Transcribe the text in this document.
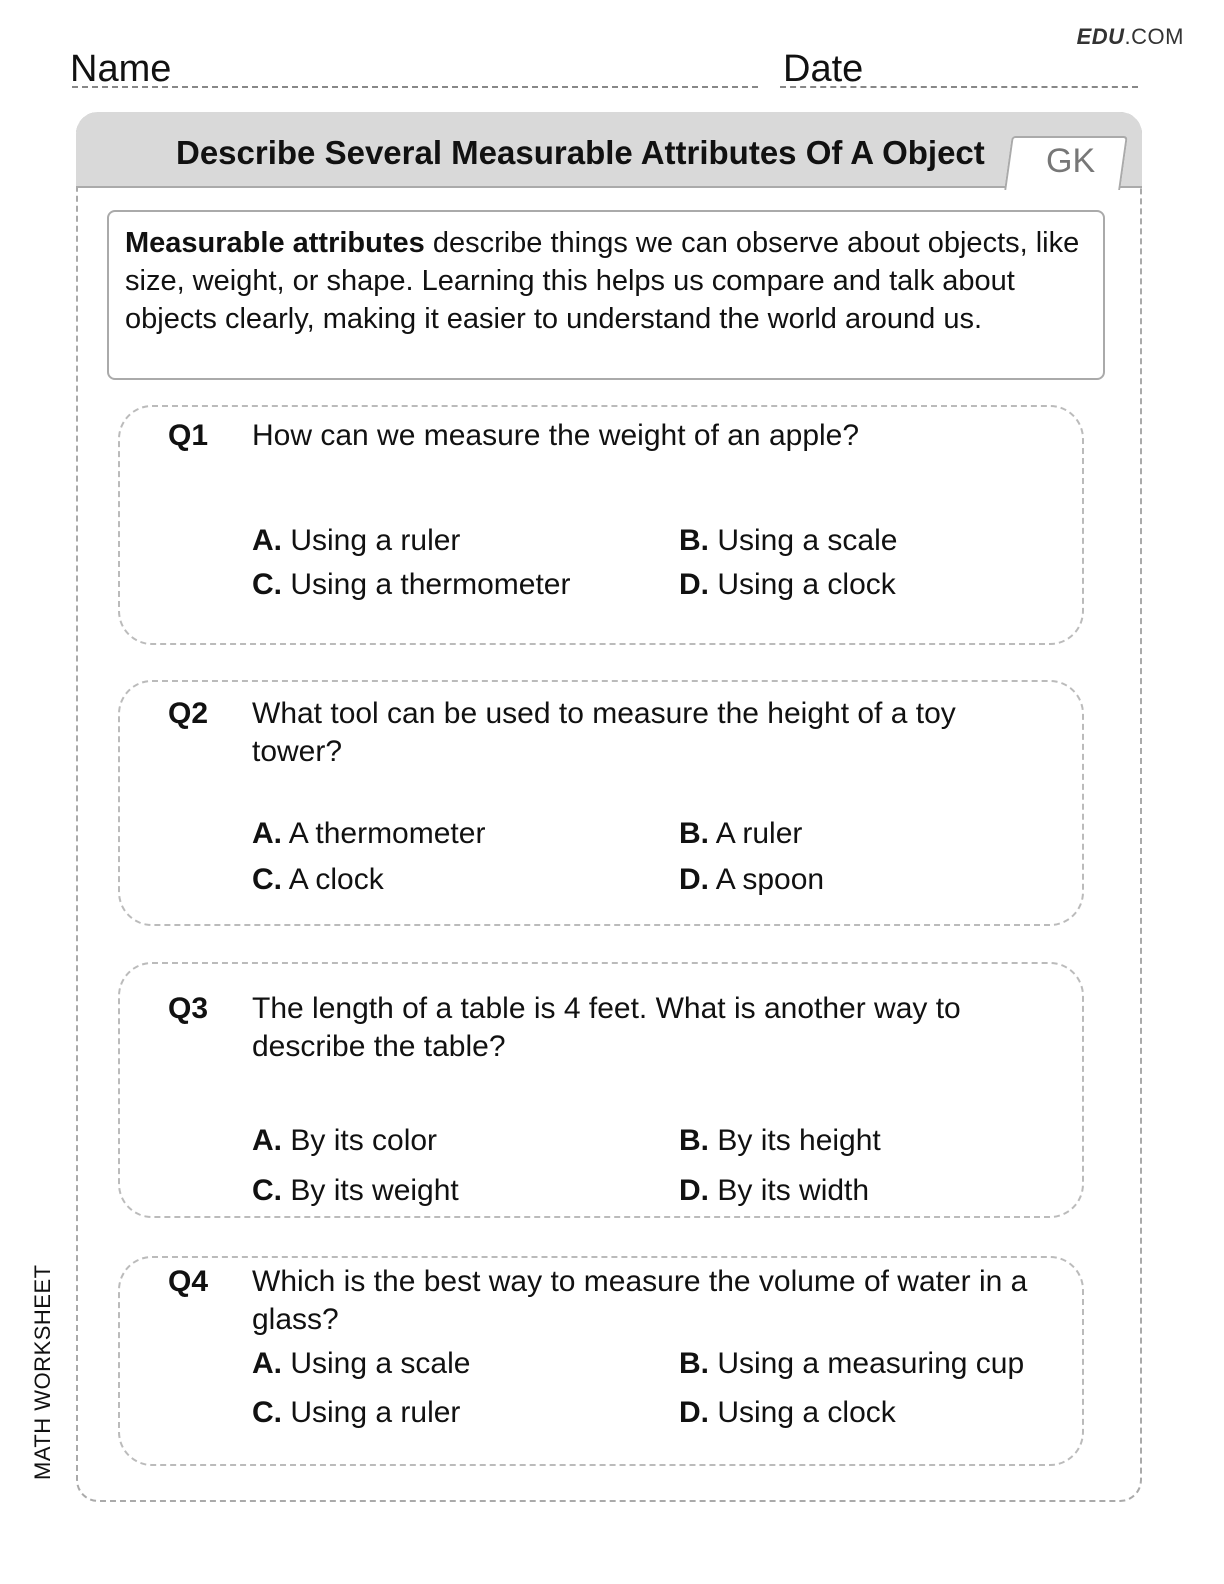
EDU.COM
Name	Date
Describe Several Measurable Attributes Of A Object GK
Measurable attributes describe things we can observe about objects, like size, weight, or shape. Learning this helps us compare and talk about objects clearly, making it easier to understand the world around us.
Q1 How can we measure the weight of an apple?
A. Using a ruler	B. Using a scale
C. Using a thermometer	D. Using a clock
Q2 What tool can be used to measure the height of a toy tower?
A. A thermometer	B. A ruler
C. A clock	D. A spoon
Q3 The length of a table is 4 feet. What is another way to describe the table?
A. By its color	B. By its height
C. By its weight	D. By its width
Q4 Which is the best way to measure the volume of water in a glass?
A. Using a scale	B. Using a measuring cup
C. Using a ruler	D. Using a clock
MATH WORKSHEET
